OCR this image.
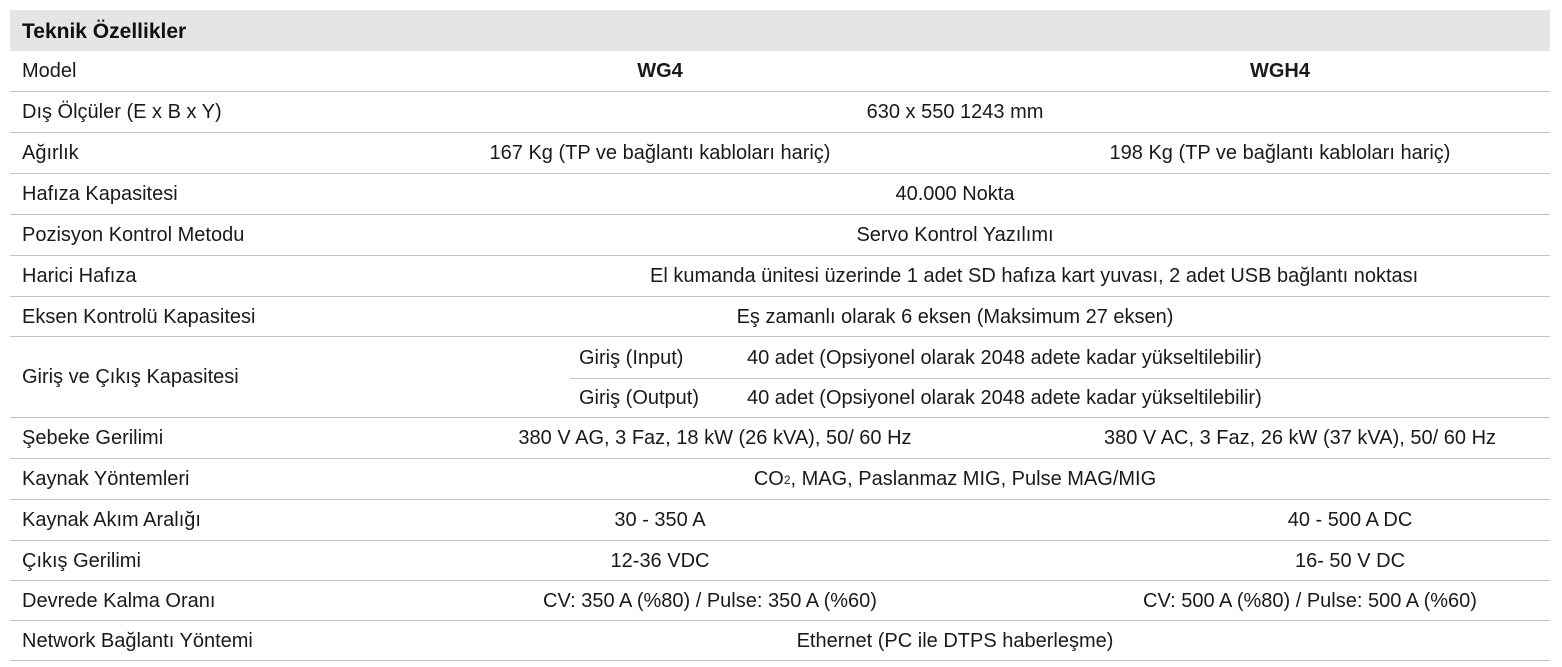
Teknik Özellikler
Model	WG4	WGH4
Dış Ölçüler (E x B x Y)	630 x 550 1243 mm
Ağırlık	167 Kg (TP ve bağlantı kabloları hariç)	198 Kg (TP ve bağlantı kabloları hariç)
Hafıza Kapasitesi	40.000 Nokta
Pozisyon Kontrol Metodu	Servo Kontrol Yazılımı
Harici Hafıza	El kumanda ünitesi üzerinde 1 adet SD hafıza kart yuvası, 2 adet USB bağlantı noktası
Eksen Kontrolü Kapasitesi	Eş zamanlı olarak 6 eksen (Maksimum 27 eksen)
Giriş ve Çıkış Kapasitesi
Giriş (Input)	40 adet (Opsiyonel olarak 2048 adete kadar yükseltilebilir)
Giriş (Output) 40 adet (Opsiyonel olarak 2048 adete kadar yükseltilebilir)
Şebeke Gerilimi	380 V AG, 3 Faz, 18 kW (26 kVA), 50/ 60 Hz	380 V AC, 3 Faz, 26 kW (37 kVA), 50/ 60 Hz
Kaynak Yöntemleri	CO 2 , MAG, Paslanmaz MIG, Pulse MAG/MIG
Kaynak Akım Aralığı	30 - 350 A	40 - 500 A DC
Çıkış Gerilimi	12-36 VDC	16- 50 V DC
Devrede Kalma Oranı	CV: 350 A (%80) / Pulse: 350 A (%60)	CV: 500 A (%80) / Pulse: 500 A (%60)
Network Bağlantı Yöntemi	Ethernet (PC ile DTPS haberleşme)
